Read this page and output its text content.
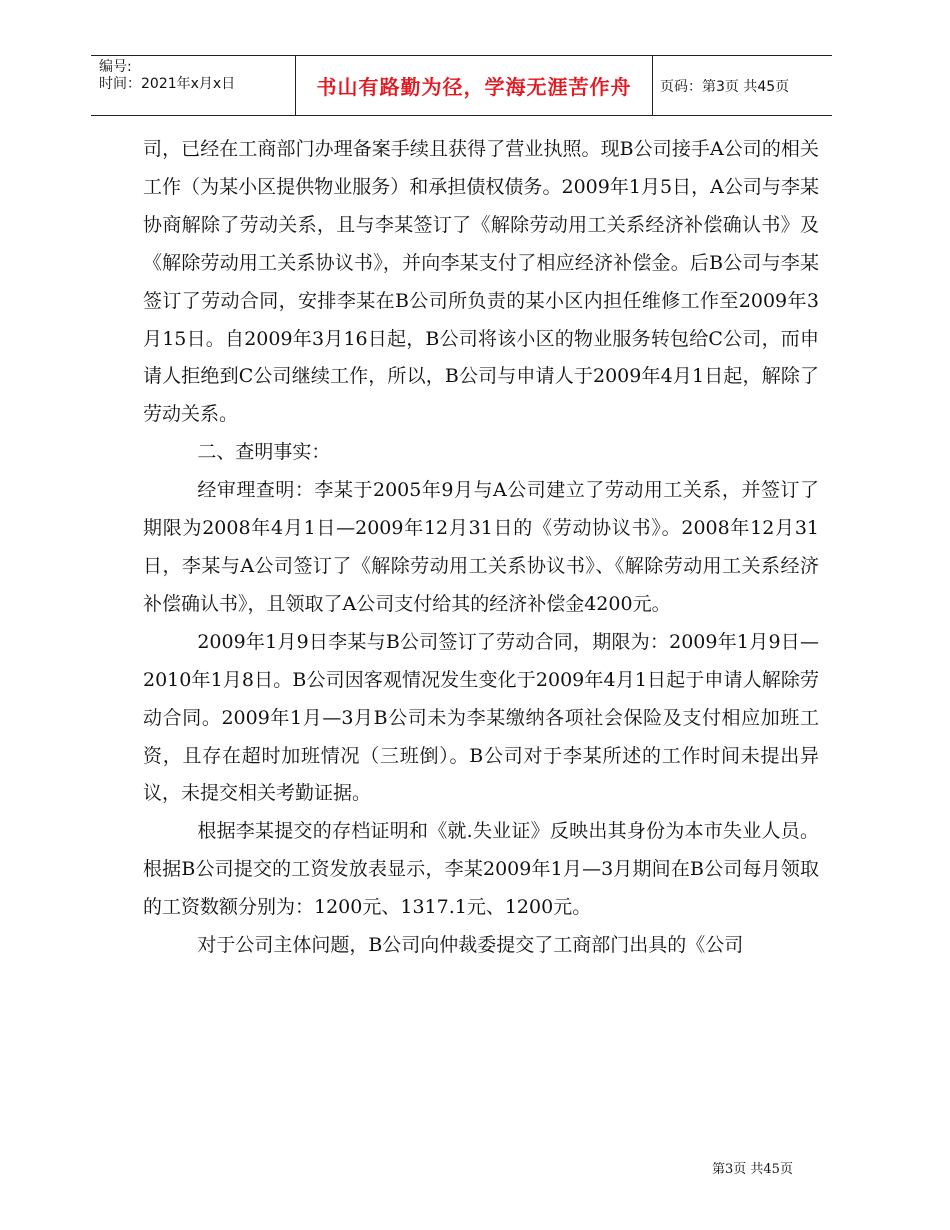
编号:
时间：2021年x月x日	书山有路勤为径，学海无涯苦作舟	页码：第3页 共45页

司，已经在工商部门办理备案手续且获得了营业执照。现B公司接手A公司的相关工作（为某小区提供物业服务）和承担债权债务。2009年1月5日，A公司与李某协商解除了劳动关系，且与李某签订了《解除劳动用工关系经济补偿确认书》及《解除劳动用工关系协议书》，并向李某支付了相应经济补偿金。后B公司与李某签订了劳动合同，安排李某在B公司所负责的某小区内担任维修工作至2009年3月15日。自2009年3月16日起，B公司将该小区的物业服务转包给C公司，而申请人拒绝到C公司继续工作，所以，B公司与申请人于2009年4月1日起，解除了劳动关系。

二、查明事实：

经审理查明：李某于2005年9月与A公司建立了劳动用工关系，并签订了期限为2008年4月1日—2009年12月31日的《劳动协议书》。2008年12月31日，李某与A公司签订了《解除劳动用工关系协议书》、《解除劳动用工关系经济补偿确认书》，且领取了A公司支付给其的经济补偿金4200元。

2009年1月9日李某与B公司签订了劳动合同，期限为：2009年1月9日—2010年1月8日。B公司因客观情况发生变化于2009年4月1日起于申请人解除劳动合同。2009年1月—3月B公司未为李某缴纳各项社会保险及支付相应加班工资，且存在超时加班情况（三班倒）。B公司对于李某所述的工作时间未提出异议，未提交相关考勤证据。

根据李某提交的存档证明和《就.失业证》反映出其身份为本市失业人员。根据B公司提交的工资发放表显示，李某2009年1月—3月期间在B公司每月领取的工资数额分别为：1200元、1317.1元、1200元。

对于公司主体问题，B公司向仲裁委提交了工商部门出具的《公司

第3页 共45页
